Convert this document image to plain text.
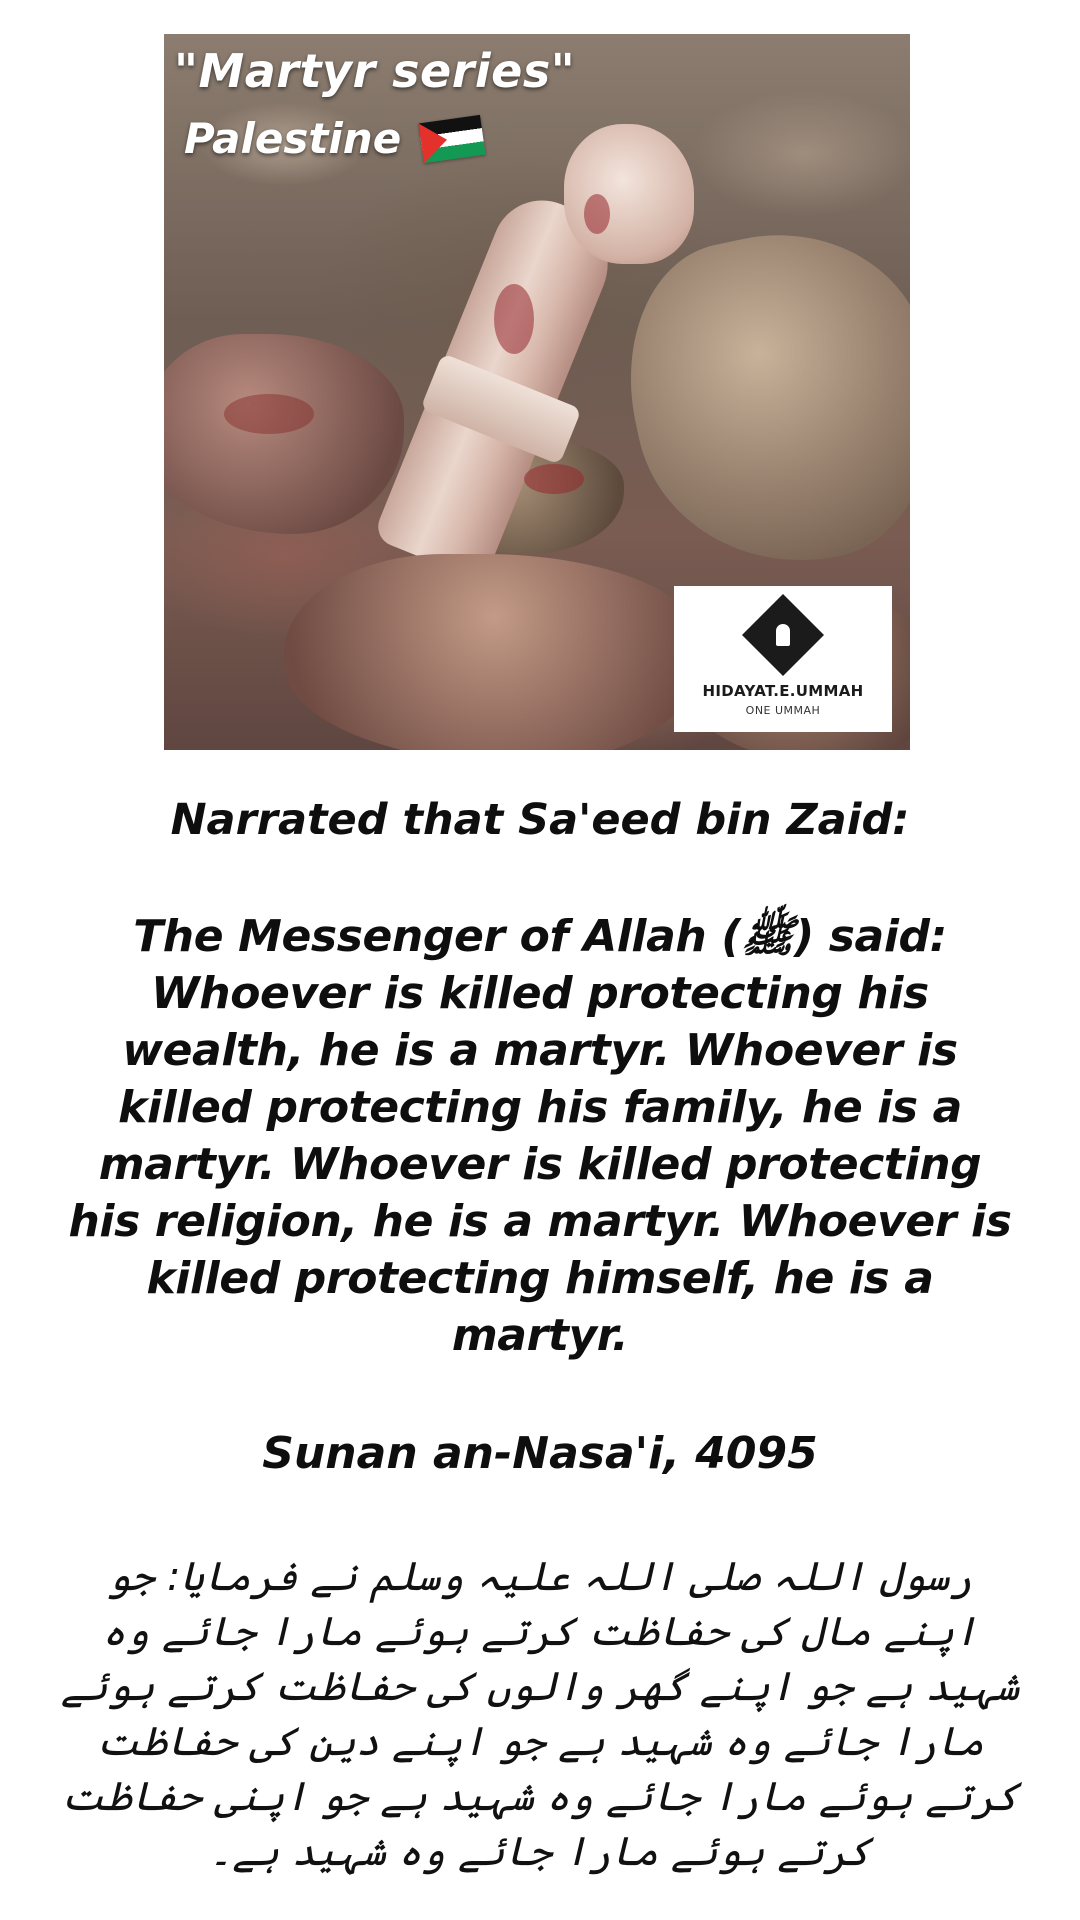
"Martyr series"

Palestine

HIDAYAT.E.UMMAH
ONE UMMAH

Narrated that Sa'eed bin Zaid:

The Messenger of Allah (ﷺ) said: Whoever is killed protecting his wealth, he is a martyr. Whoever is killed protecting his family, he is a martyr. Whoever is killed protecting his religion, he is a martyr. Whoever is killed protecting himself, he is a martyr.

Sunan an-Nasa'i, 4095

رسول اللہ صلی اللہ علیہ وسلم نے فرمایا: جو اپنے مال کی حفاظت کرتے ہوئے مارا جائے وہ شہید ہے جو اپنے گھر والوں کی حفاظت کرتے ہوئے مارا جائے وہ شہید ہے جو اپنے دین کی حفاظت کرتے ہوئے مارا جائے وہ شہید ہے جو اپنی حفاظت کرتے ہوئے مارا جائے وہ شہید ہے۔
